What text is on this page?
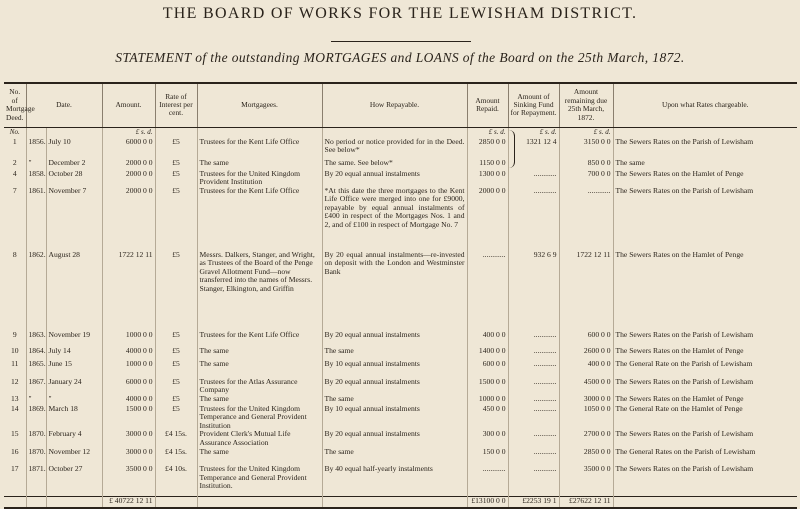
THE BOARD OF WORKS FOR THE LEWISHAM DISTRICT.
STATEMENT of the outstanding MORTGAGES and LOANS of the Board on the 25th March, 1872.
No. of Mortgage Deed.	Date.		Amount.	Rate of Interest per cent.	Mortgagees.	How Repayable.	Amount Repaid.	Amount of Sinking Fund for Repayment.	Amount remaining due 25th March, 1872.	Upon what Rates chargeable.
No.			£ s. d.				£ s. d.	£ s. d.	£ s. d.	
1	1856.	July 10	6000 0 0	£5	Trustees for the Kent Life Office	No period or notice provided for in the Deed. See below*	2850 0 0	1321 12 4	3150 0 0	The Sewers Rates on the Parish of Lewisham
2	"	December 2	2000 0 0	£5	The same	The same. See below*	1150 0 0		850 0 0	The same
4	1858.	October 28	2000 0 0	£5	Trustees for the United Kingdom Provident Institution	By 20 equal annual instalments	1300 0 0	............	700 0 0	The Sewers Rates on the Hamlet of Penge
7	1861.	November 7	2000 0 0	£5	Trustees for the Kent Life Office	*At this date the three mortgages to the Kent Life Office were merged into one for £9000, repayable by equal annual instalments of £400 in respect of the Mortgages Nos. 1 and 2, and of £100 in respect of Mortgage No. 7	2000 0 0	............	............	The Sewers Rates on the Parish of Lewisham
8	1862.	August 28	1722 12 11	£5	Messrs. Dalkers, Stanger, and Wright, as Trustees of the Board of the Penge Gravel Allotment Fund—now transferred into the names of Messrs. Stanger, Elkington, and Griffin	By 20 equal annual instalments—re-invested on deposit with the London and Westminster Bank	............	932 6 9	1722 12 11	The Sewers Rates on the Hamlet of Penge
9	1863.	November 19	1000 0 0	£5	Trustees for the Kent Life Office	By 20 equal annual instalments	400 0 0	............	600 0 0	The Sewers Rates on the Parish of Lewisham
10	1864.	July 14	4000 0 0	£5	The same	The same	1400 0 0	............	2600 0 0	The Sewers Rates on the Hamlet of Penge
11	1865.	June 15	1000 0 0	£5	The same	By 10 equal annual instalments	600 0 0	............	400 0 0	The General Rate on the Parish of Lewisham
12	1867.	January 24	6000 0 0	£5	Trustees for the Atlas Assurance Company	By 20 equal annual instalments	1500 0 0	............	4500 0 0	The Sewers Rates on the Parish of Lewisham
13	"	"	4000 0 0	£5	The same	The same	1000 0 0	............	3000 0 0	The Sewers Rates on the Hamlet of Penge
14	1869.	March 18	1500 0 0	£5	Trustees for the United Kingdom Temperance and General Provident Institution	By 10 equal annual instalments	450 0 0	............	1050 0 0	The General Rate on the Hamlet of Penge
15	1870.	February 4	3000 0 0	£4 15s.	Provident Clerk's Mutual Life Assurance Association	By 20 equal annual instalments	300 0 0	............	2700 0 0	The Sewers Rates on the Parish of Lewisham
16	1870.	November 12	3000 0 0	£4 15s.	The same	The same	150 0 0	............	2850 0 0	The General Rates on the Parish of Lewisham
17	1871.	October 27	3500 0 0	£4 10s.	Trustees for the United Kingdom Temperance and General Provident Institution.	By 40 equal half-yearly instalments	............	............	3500 0 0	The Sewers Rates on the Parish of Lewisham
			£ 40722 12 11				£13100 0 0	£2253 19 1	£27622 12 11	
